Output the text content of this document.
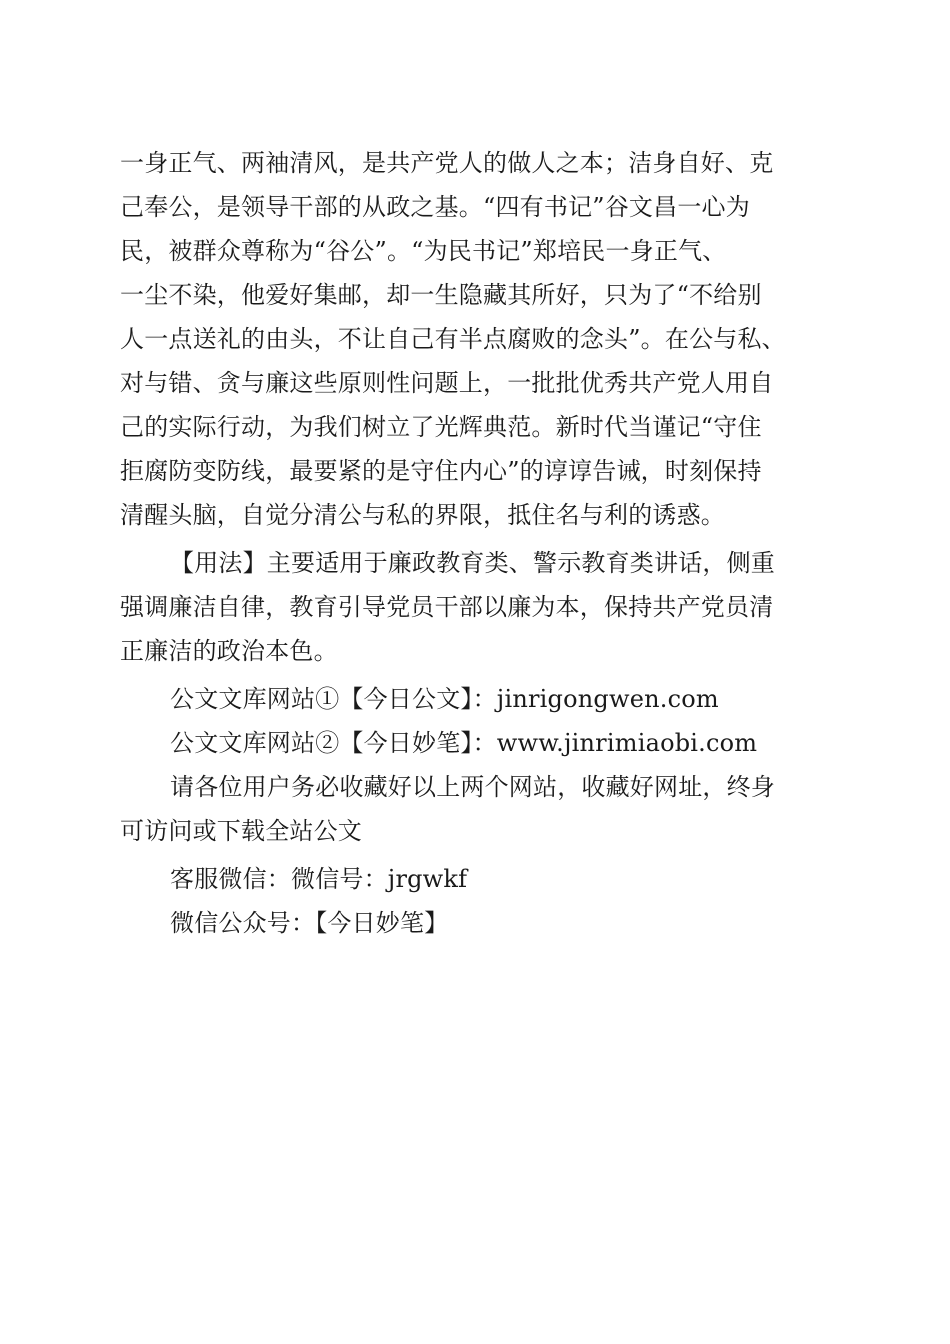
一身正气、两袖清风，是共产党人的做人之本；洁身自好、克
己奉公，是领导干部的从政之基。“四有书记”谷文昌一心为
民，被群众尊称为“谷公”。“为民书记”郑培民一身正气、
一尘不染，他爱好集邮，却一生隐藏其所好，只为了“不给别
人一点送礼的由头，不让自己有半点腐败的念头”。在公与私、
对与错、贪与廉这些原则性问题上，一批批优秀共产党人用自
己的实际行动，为我们树立了光辉典范。新时代当谨记“守住
拒腐防变防线，最要紧的是守住内心”的谆谆告诫，时刻保持
清醒头脑，自觉分清公与私的界限，抵住名与利的诱惑。
【用法】主要适用于廉政教育类、警示教育类讲话，侧重
强调廉洁自律，教育引导党员干部以廉为本，保持共产党员清
正廉洁的政治本色。
公文文库网站①【今日公文】：jinrigongwen.com
公文文库网站②【今日妙笔】：www.jinrimiaobi.com
请各位用户务必收藏好以上两个网站，收藏好网址，终身
可访问或下载全站公文
客服微信：微信号：jrgwkf
微信公众号：【今日妙笔】
